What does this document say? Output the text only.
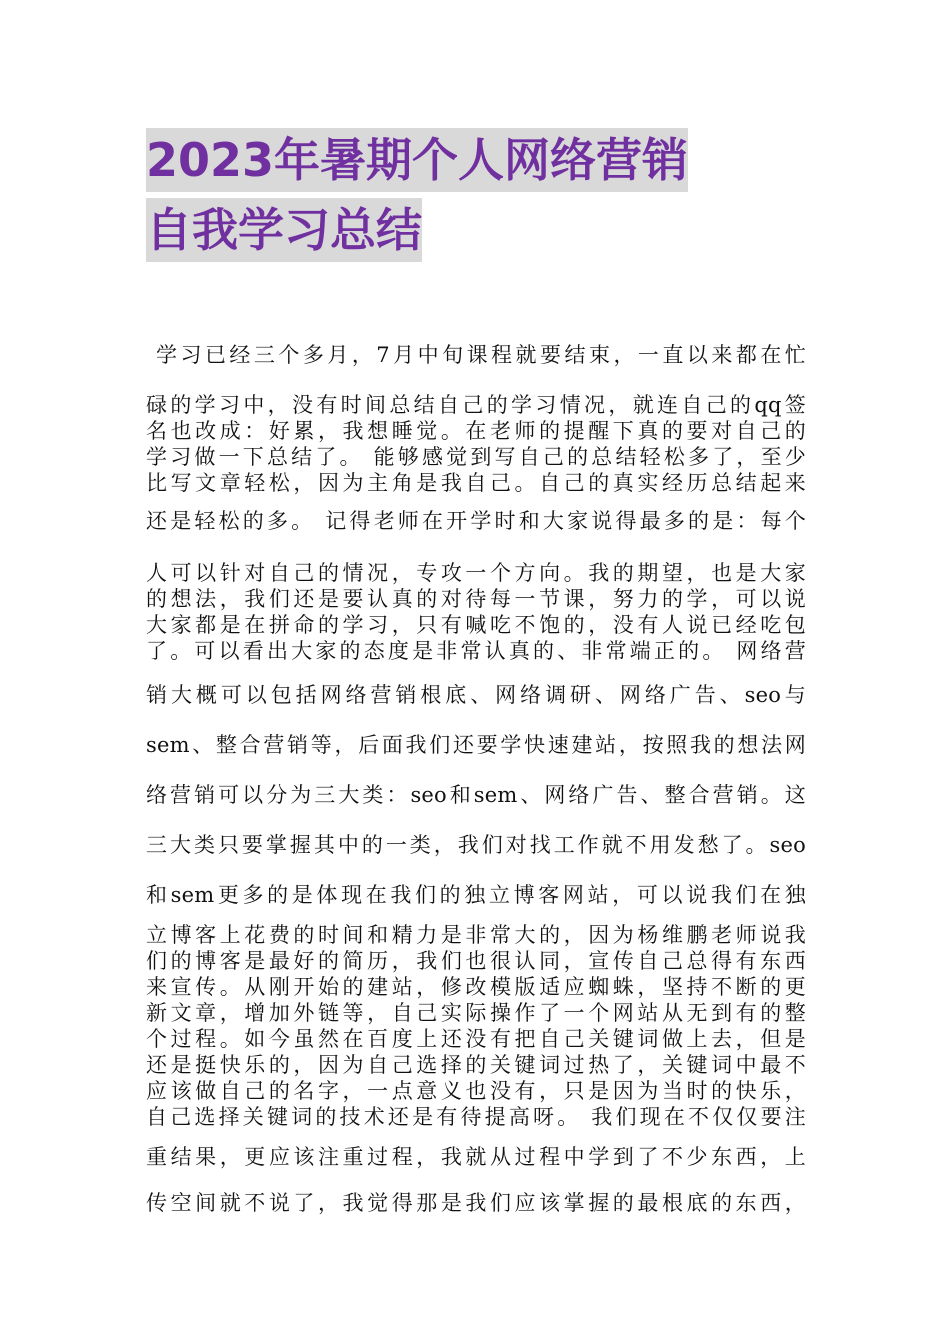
2023年暑期个人网络营销
自我学习总结
学习已经三个多月，7月中旬课程就要结束，一直以来都在忙
碌的学习中，没有时间总结自己的学习情况，就连自己的qq签
名也改成：好累，我想睡觉。在老师的提醒下真的要对自己的
学习做一下总结了。 能够感觉到写自己的总结轻松多了，至少
比写文章轻松，因为主角是我自己。自己的真实经历总结起来
还是轻松的多。 记得老师在开学时和大家说得最多的是：每个
人可以针对自己的情况，专攻一个方向。我的期望，也是大家
的想法，我们还是要认真的对待每一节课，努力的学，可以说
大家都是在拼命的学习，只有喊吃不饱的，没有人说已经吃包
了。可以看出大家的态度是非常认真的、非常端正的。 网络营
销大概可以包括网络营销根底、网络调研、网络广告、seo与
sem、整合营销等，后面我们还要学快速建站，按照我的想法网
络营销可以分为三大类：seo和sem、网络广告、整合营销。这
三大类只要掌握其中的一类，我们对找工作就不用发愁了。seo
和sem更多的是体现在我们的独立博客网站，可以说我们在独
立博客上花费的时间和精力是非常大的，因为杨维鹏老师说我
们的博客是最好的简历，我们也很认同，宣传自己总得有东西
来宣传。从刚开始的建站，修改模版适应蜘蛛，坚持不断的更
新文章，增加外链等，自己实际操作了一个网站从无到有的整
个过程。如今虽然在百度上还没有把自己关键词做上去，但是
还是挺快乐的，因为自己选择的关键词过热了，关键词中最不
应该做自己的名字，一点意义也没有，只是因为当时的快乐，
自己选择关键词的技术还是有待提高呀。 我们现在不仅仅要注
重结果，更应该注重过程，我就从过程中学到了不少东西，上
传空间就不说了，我觉得那是我们应该掌握的最根底的东西，
